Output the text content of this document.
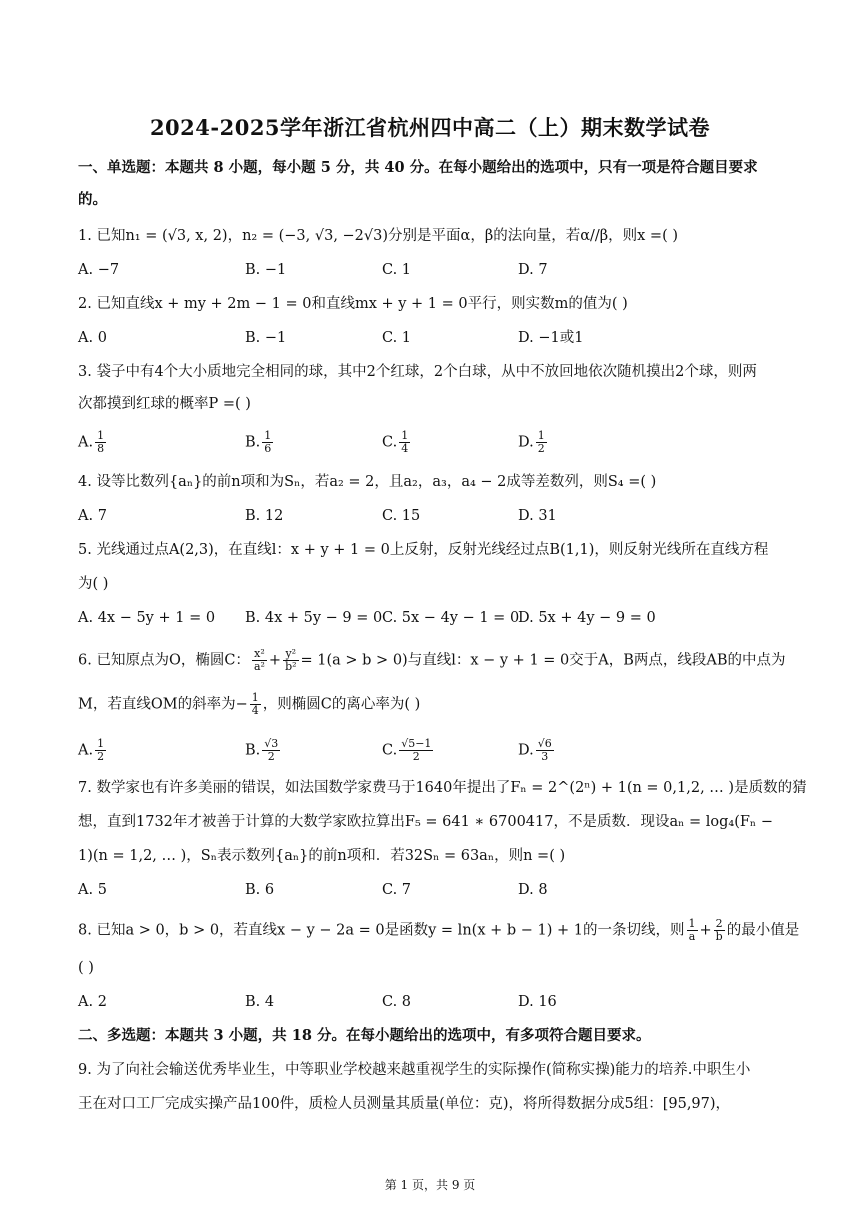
2024-2025学年浙江省杭州四中高二（上）期末数学试卷
一、单选题：本题共 8 小题，每小题 5 分，共 40 分。在每小题给出的选项中，只有一项是符合题目要求
的。
1. 已知n₁ = (√3, x, 2)，n₂ = (−3, √3, −2√3)分别是平面α，β的法向量，若α//β，则x =( )
A. −7	B. −1	C. 1	D. 7
2. 已知直线x + my + 2m − 1 = 0和直线mx + y + 1 = 0平行，则实数m的值为( )
A. 0	B. −1	C. 1	D. −1或1
3. 袋子中有4个大小质地完全相同的球，其中2个红球，2个白球，从中不放回地依次随机摸出2个球，则两
次都摸到红球的概率P =( )
A. $\frac{1}{8}$	B. $\frac{1}{6}$	C. $\frac{1}{4}$	D. $\frac{1}{2}$
4. 设等比数列{aₙ}的前n项和为Sₙ，若a₂ = 2，且a₂，a₃，a₄ − 2成等差数列，则S₄ =( )
A. 7	B. 12	C. 15	D. 31
5. 光线通过点A(2,3)，在直线l：x + y + 1 = 0上反射，反射光线经过点B(1,1)，则反射光线所在直线方程
为( )
A. 4x − 5y + 1 = 0 B. 4x + 5y − 9 = 0 C. 5x − 4y − 1 = 0
D. 5x + 4y − 9 = 0
6. 已知原点为O，椭圆C： $\frac{\text{x²}}{\text{a²}} + \frac{\text{y²}}{\text{b²}} = 1(a > b > 0)$与直线l：x − y + 1 = 0交于A，B两点，线段AB的中点为
M，若直线OM的斜率为− $\frac{1}{4}$ ，则椭圆C的离心率为( )
A. $\frac{1}{2}$	B. $\frac{√3}{2}$	C. $\frac{√5-1}{2}$	D. $\frac{√6}{3}$
7. 数学家也有许多美丽的错误，如法国数学家费马于1640年提出了Fₙ = 2^(2ⁿ) + 1(n = 0,1,2, … )是质数的猜
想，直到1732年才被善于计算的大数学家欧拉算出F₅ = 641 ∗ 6700417，不是质数．现设aₙ = log₄(Fₙ −
1)(n = 1,2, … )，Sₙ表示数列{aₙ}的前n项和．若32Sₙ = 63aₙ，则n =( )
A. 5	B. 6	C. 7	D. 8
8. 已知a > 0，b > 0，若直线x − y − 2a = 0是函数y = ln(x + b − 1) + 1的一条切线，则 $\frac{1}{a} + \frac{2}{b}$ 的最小值是
( )
A. 2	B. 4	C. 8	D. 16
二、多选题：本题共 3 小题，共 18 分。在每小题给出的选项中，有多项符合题目要求。
9. 为了向社会输送优秀毕业生，中等职业学校越来越重视学生的实际操作(简称实操)能力的培养.中职生小
王在对口工厂完成实操产品100件，质检人员测量其质量(单位：克)，将所得数据分成5组：[95,97)，
第 1 页，共 9 页
